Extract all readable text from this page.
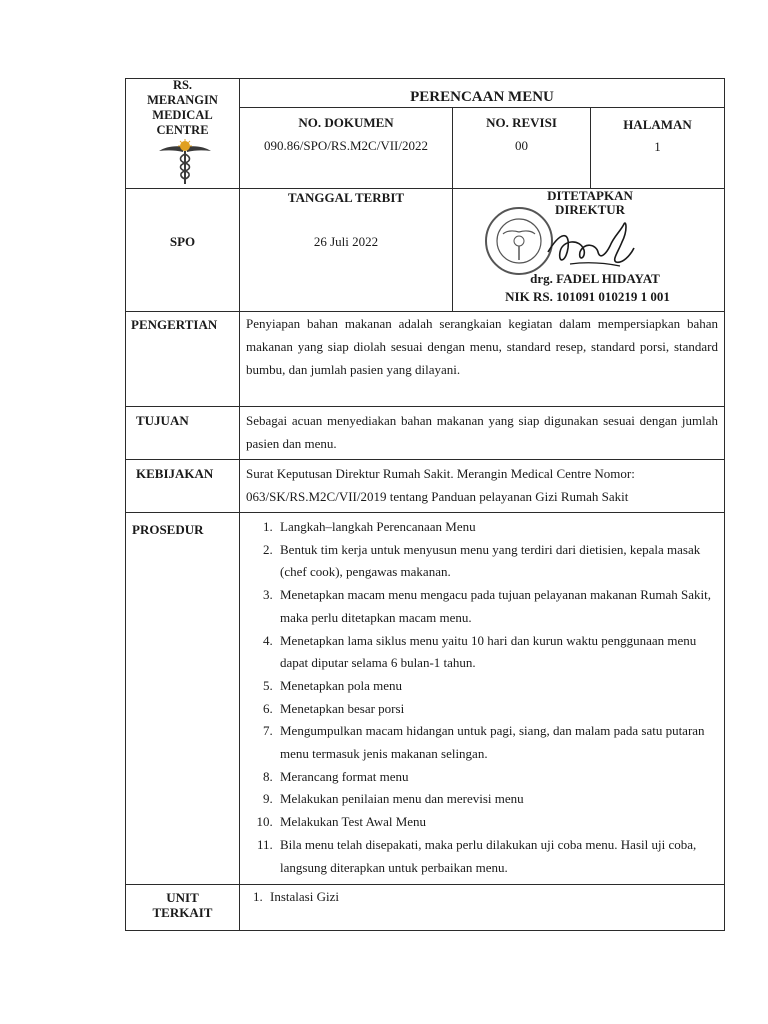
RS.
MERANGIN
MEDICAL
CENTRE
PERENCAAN MENU
NO. DOKUMEN
090.86/SPO/RS.M2C/VII/2022
NO. REVISI
00
HALAMAN
1
SPO
TANGGAL TERBIT
26 Juli 2022
DITETAPKAN
DIREKTUR
drg. FADEL HIDAYAT
NIK RS. 101091 010219 1 001
PENGERTIAN	Penyiapan bahan makanan adalah serangkaian kegiatan dalam mempersiapkan bahan makanan yang siap diolah sesuai dengan menu, standard resep, standard porsi, standard bumbu, dan jumlah pasien yang dilayani.
TUJUAN	Sebagai acuan menyediakan bahan makanan yang siap digunakan sesuai dengan jumlah pasien dan menu.
KEBIJAKAN	Surat Keputusan Direktur Rumah Sakit. Merangin Medical Centre Nomor:
063/SK/RS.M2C/VII/2019 tentang Panduan pelayanan Gizi Rumah Sakit
PROSEDUR
1.	Langkah–langkah Perencanaan Menu
2. Bentuk tim kerja untuk menyusun menu yang terdiri dari dietisien, kepala masak (chef cook), pengawas makanan.
3. Menetapkan macam menu mengacu pada tujuan pelayanan makanan Rumah Sakit, maka perlu ditetapkan macam menu.
4. Menetapkan lama siklus menu yaitu 10 hari dan kurun waktu penggunaan menu dapat diputar selama 6 bulan-1 tahun.
5. Menetapkan pola menu
6. Menetapkan besar porsi
7. Mengumpulkan macam hidangan untuk pagi, siang, dan malam pada satu putaran menu termasuk jenis makanan selingan.
8. Merancang format menu
9. Melakukan penilaian menu dan merevisi menu
10. Melakukan Test Awal Menu
11. Bila menu telah disepakati, maka perlu dilakukan uji coba menu. Hasil uji coba, langsung diterapkan untuk perbaikan menu.
UNIT
TERKAIT
1. Instalasi Gizi
